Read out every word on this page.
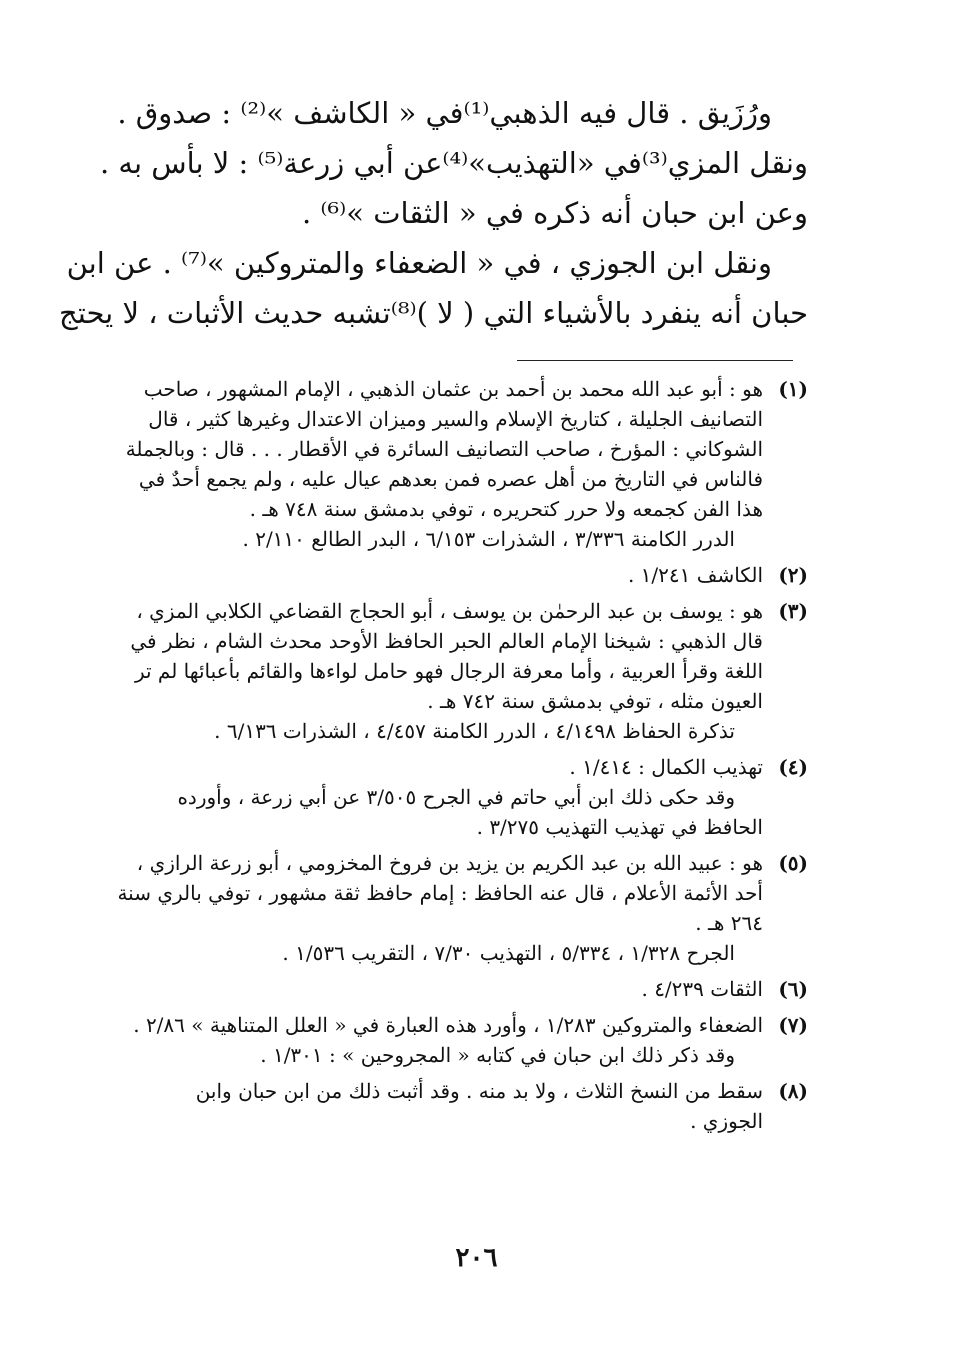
ورُزَيق . قال فيه الذهبي⁽¹⁾في « الكاشف »⁽²⁾ : صدوق .
ونقل المزي⁽³⁾في «التهذيب»⁽⁴⁾عن أبي زرعة⁽⁵⁾ : لا بأس به .
وعن ابن حبان أنه ذكره في « الثقات »⁽⁶⁾ .
ونقل ابن الجوزي ، في « الضعفاء والمتروكين »⁽⁷⁾ . عن ابن
حبان أنه ينفرد بالأشياء التي ( لا )⁽⁸⁾تشبه حديث الأثبات ، لا يحتج
(١)
هو : أبو عبد الله محمد بن أحمد بن عثمان الذهبي ، الإمام المشهور ، صاحب
التصانيف الجليلة ، كتاريخ الإسلام والسير وميزان الاعتدال وغيرها كثير ، قال
الشوكاني : المؤرخ ، صاحب التصانيف السائرة في الأقطار . . . قال : وبالجملة
فالناس في التاريخ من أهل عصره فمن بعدهم عيال عليه ، ولم يجمع أحدٌ في
هذا الفن كجمعه ولا حرر كتحريره ، توفي بدمشق سنة ٧٤٨ هـ .
الدرر الكامنة ٣/٣٣٦ ، الشذرات ٦/١٥٣ ، البدر الطالع ٢/١١٠ .
(٢)
الكاشف ١/٢٤١ .
(٣)
هو : يوسف بن عبد الرحمٰن بن يوسف ، أبو الحجاج القضاعي الكلابي المزي ،
قال الذهبي : شيخنا الإمام العالم الحبر الحافظ الأوحد محدث الشام ، نظر في
اللغة وقرأ العربية ، وأما معرفة الرجال فهو حامل لواءها والقائم بأعبائها لم تر
العيون مثله ، توفي بدمشق سنة ٧٤٢ هـ .
تذكرة الحفاظ ٤/١٤٩٨ ، الدرر الكامنة ٤/٤٥٧ ، الشذرات ٦/١٣٦ .
(٤)
تهذيب الكمال : ١/٤١٤ .
وقد حكى ذلك ابن أبي حاتم في الجرح ٣/٥٠٥ عن أبي زرعة ، وأورده
الحافظ في تهذيب التهذيب ٣/٢٧٥ .
(٥)
هو : عبيد الله بن عبد الكريم بن يزيد بن فروخ المخزومي ، أبو زرعة الرازي ،
أحد الأئمة الأعلام ، قال عنه الحافظ : إمام حافظ ثقة مشهور ، توفي بالري سنة
٢٦٤ هـ .
الجرح ١/٣٢٨ ، ٥/٣٣٤ ، التهذيب ٧/٣٠ ، التقريب ١/٥٣٦ .
(٦)
الثقات ٤/٢٣٩ .
(٧)
الضعفاء والمتروكين ١/٢٨٣ ، وأورد هذه العبارة في « العلل المتناهية » ٢/٨٦ .
وقد ذكر ذلك ابن حبان في كتابه « المجروحين » : ١/٣٠١ .
(٨)
سقط من النسخ الثلاث ، ولا بد منه . وقد أثبت ذلك من ابن حبان وابن
الجوزي .
٢٠٦
